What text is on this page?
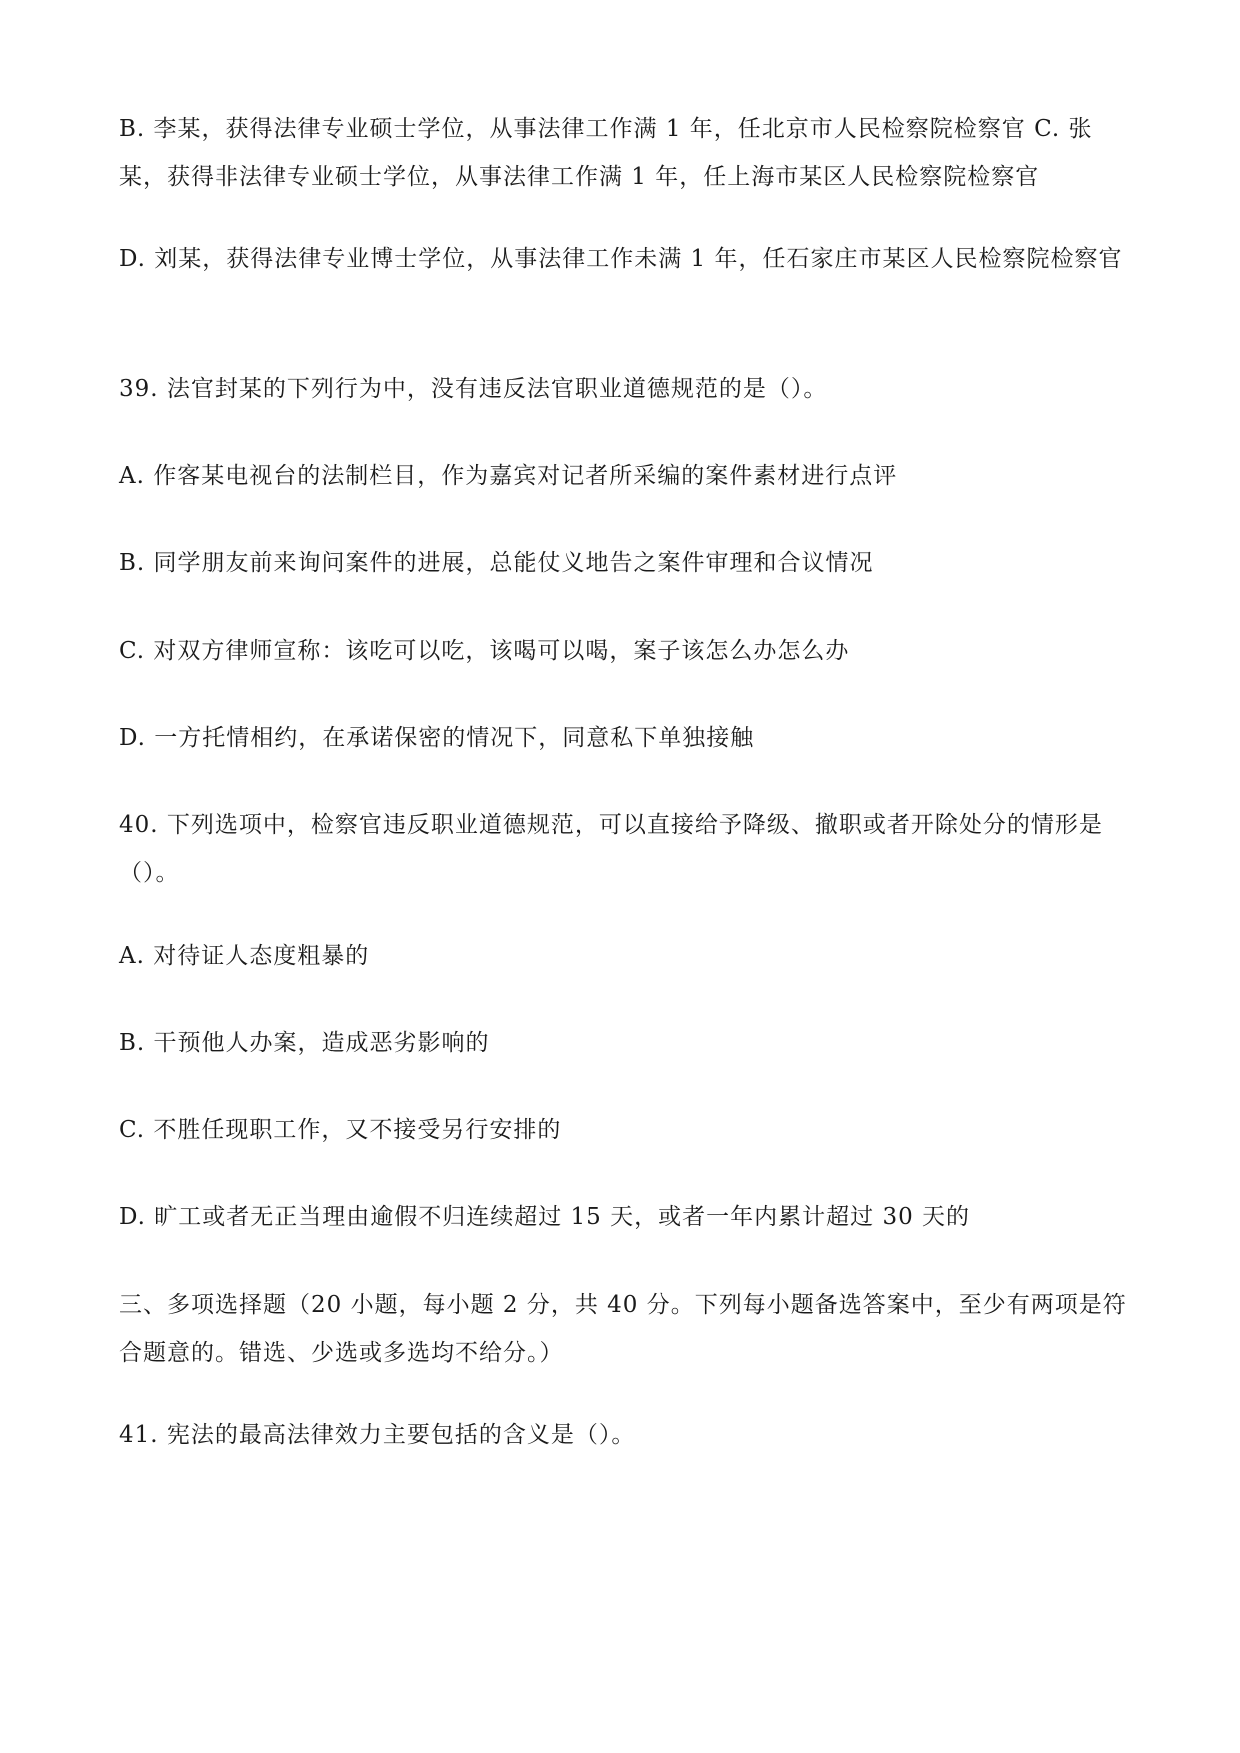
B. 李某，获得法律专业硕士学位，从事法律工作满 1 年，任北京市人民检察院检察官 C. 张某，获得非法律专业硕士学位，从事法律工作满 1 年，任上海市某区人民检察院检察官

D. 刘某，获得法律专业博士学位，从事法律工作未满 1 年，任石家庄市某区人民检察院检察官

39. 法官封某的下列行为中，没有违反法官职业道德规范的是（）。

A. 作客某电视台的法制栏目，作为嘉宾对记者所采编的案件素材进行点评

B. 同学朋友前来询问案件的进展，总能仗义地告之案件审理和合议情况

C. 对双方律师宣称：该吃可以吃，该喝可以喝，案子该怎么办怎么办

D. 一方托情相约，在承诺保密的情况下，同意私下单独接触

40. 下列选项中，检察官违反职业道德规范，可以直接给予降级、撤职或者开除处分的情形是（）。

A. 对待证人态度粗暴的

B. 干预他人办案，造成恶劣影响的

C. 不胜任现职工作，又不接受另行安排的

D. 旷工或者无正当理由逾假不归连续超过 15 天，或者一年内累计超过 30 天的

三、多项选择题（20 小题，每小题 2 分，共 40 分。下列每小题备选答案中，至少有两项是符合题意的。错选、少选或多选均不给分。）

41. 宪法的最高法律效力主要包括的含义是（）。
